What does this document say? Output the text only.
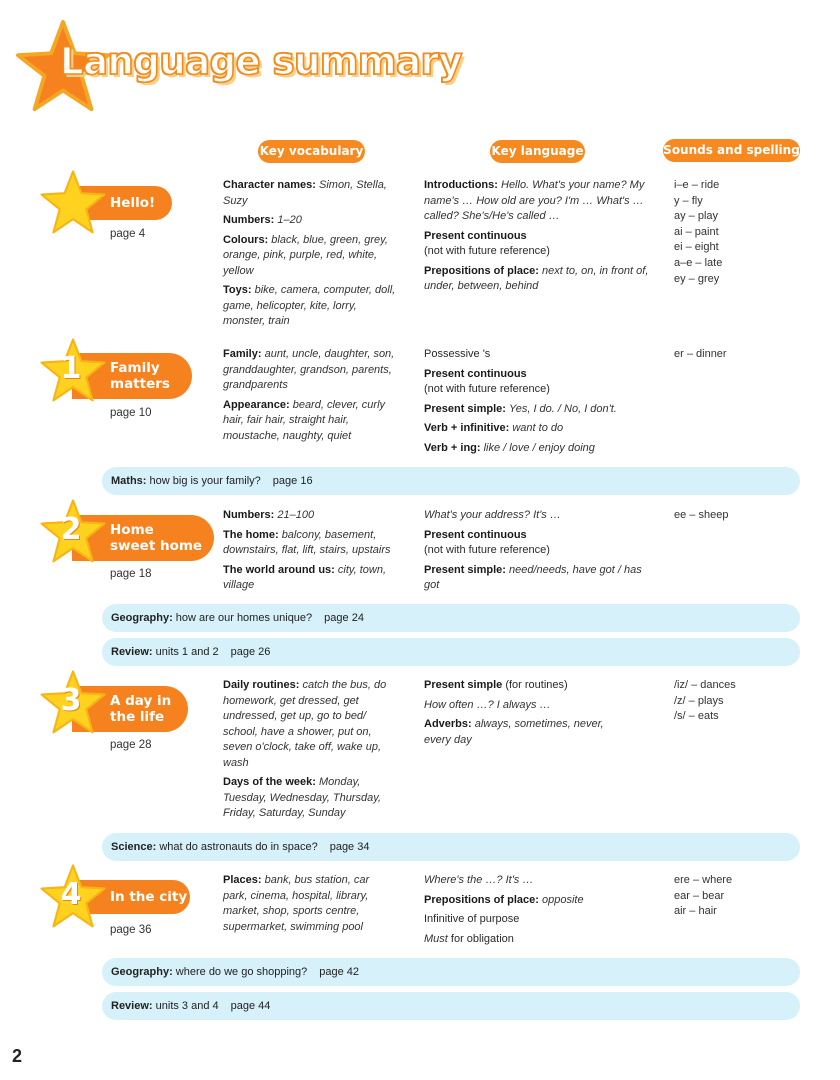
Language summary
Key vocabulary	Key language	Sounds and spelling
Hello!
page 4

Character names: Simon, Stella, Suzy

Numbers: 1–20

Colours: black, blue, green, grey, orange, pink, purple, red, white, yellow

Toys: bike, camera, computer, doll, game, helicopter, kite, lorry, monster, train

Introductions: Hello. What's your name? My name's … How old are you? I'm … What's … called? She's/He's called …

Present continuous
(not with future reference)

Prepositions of place: next to, on, in front of, under, between, behind

i–e – ride
y – fly
ay – play
ai – paint
ei – eight
a–e – late
ey – grey
Family
matters
1
page 10

Family: aunt, uncle, daughter, son, granddaughter, grandson, parents, grandparents

Appearance: beard, clever, curly hair, fair hair, straight hair, moustache, naughty, quiet

Possessive 's

Present continuous
(not with future reference)

Present simple: Yes, I do. / No, I don't.

Verb + infinitive: want to do

Verb + ing: like / love / enjoy doing

er – dinner
Maths: how big is your family? page 16
Home
sweet home
2
page 18

Numbers: 21–100

The home: balcony, basement, downstairs, flat, lift, stairs, upstairs

The world around us: city, town, village

What's your address? It's …

Present continuous
(not with future reference)

Present simple: need/needs, have got / has got

ee – sheep
Geography: how are our homes unique? page 24
Review: units 1 and 2 page 26
A day in
the life
3
page 28

Daily routines: catch the bus, do homework, get dressed, get undressed, get up, go to bed/ school, have a shower, put on, seven o'clock, take off, wake up, wash

Days of the week: Monday, Tuesday, Wednesday, Thursday, Friday, Saturday, Sunday

Present simple (for routines)

How often …? I always …

Adverbs: always, sometimes, never, every day

/iz/ – dances
/z/ – plays
/s/ – eats
Science: what do astronauts do in space? page 34
In the city
4
page 36

Places: bank, bus station, car park, cinema, hospital, library, market, shop, sports centre, supermarket, swimming pool

Where's the …? It's …

Prepositions of place: opposite

Infinitive of purpose

Must for obligation

ere – where
ear – bear
air – hair
Geography: where do we go shopping? page 42
Review: units 3 and 4 page 44
2
